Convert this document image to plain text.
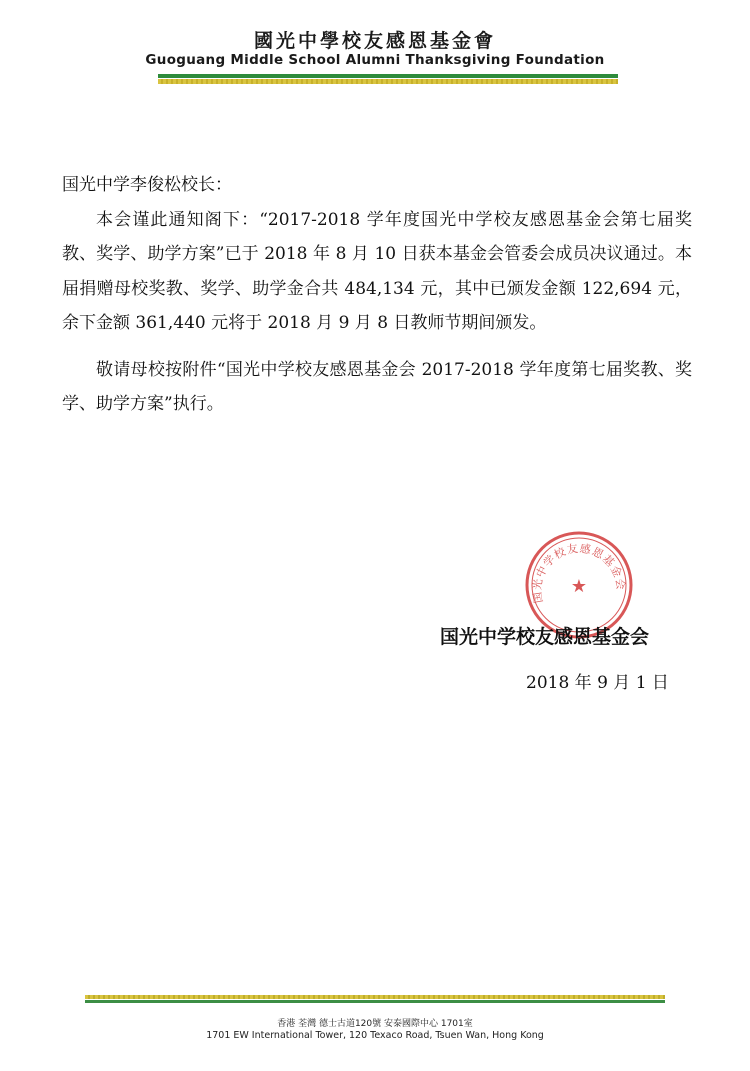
國光中學校友感恩基金會
Guoguang Middle School Alumni Thanksgiving Foundation

国光中学李俊松校长：

本会谨此通知阁下：“2017-2018 学年度国光中学校友感恩基金会第七届奖教、奖学、助学方案”已于 2018 年 8 月 10 日获本基金会管委会成员决议通过。本届捐赠母校奖教、奖学、助学金合共 484,134 元，其中已颁发金额 122,694 元，余下金额 361,440 元将于 2018 月 9 月 8 日教师节期间颁发。

敬请母校按附件“国光中学校友感恩基金会 2017-2018 学年度第七届奖教、奖学、助学方案”执行。

国光中学校友感恩基金会
★
国光中学校友感恩基金会
2018 年 9 月 1 日
香港 荃灣 德士古道120號 安泰國際中心 1701室
1701 EW International Tower, 120 Texaco Road, Tsuen Wan, Hong Kong
